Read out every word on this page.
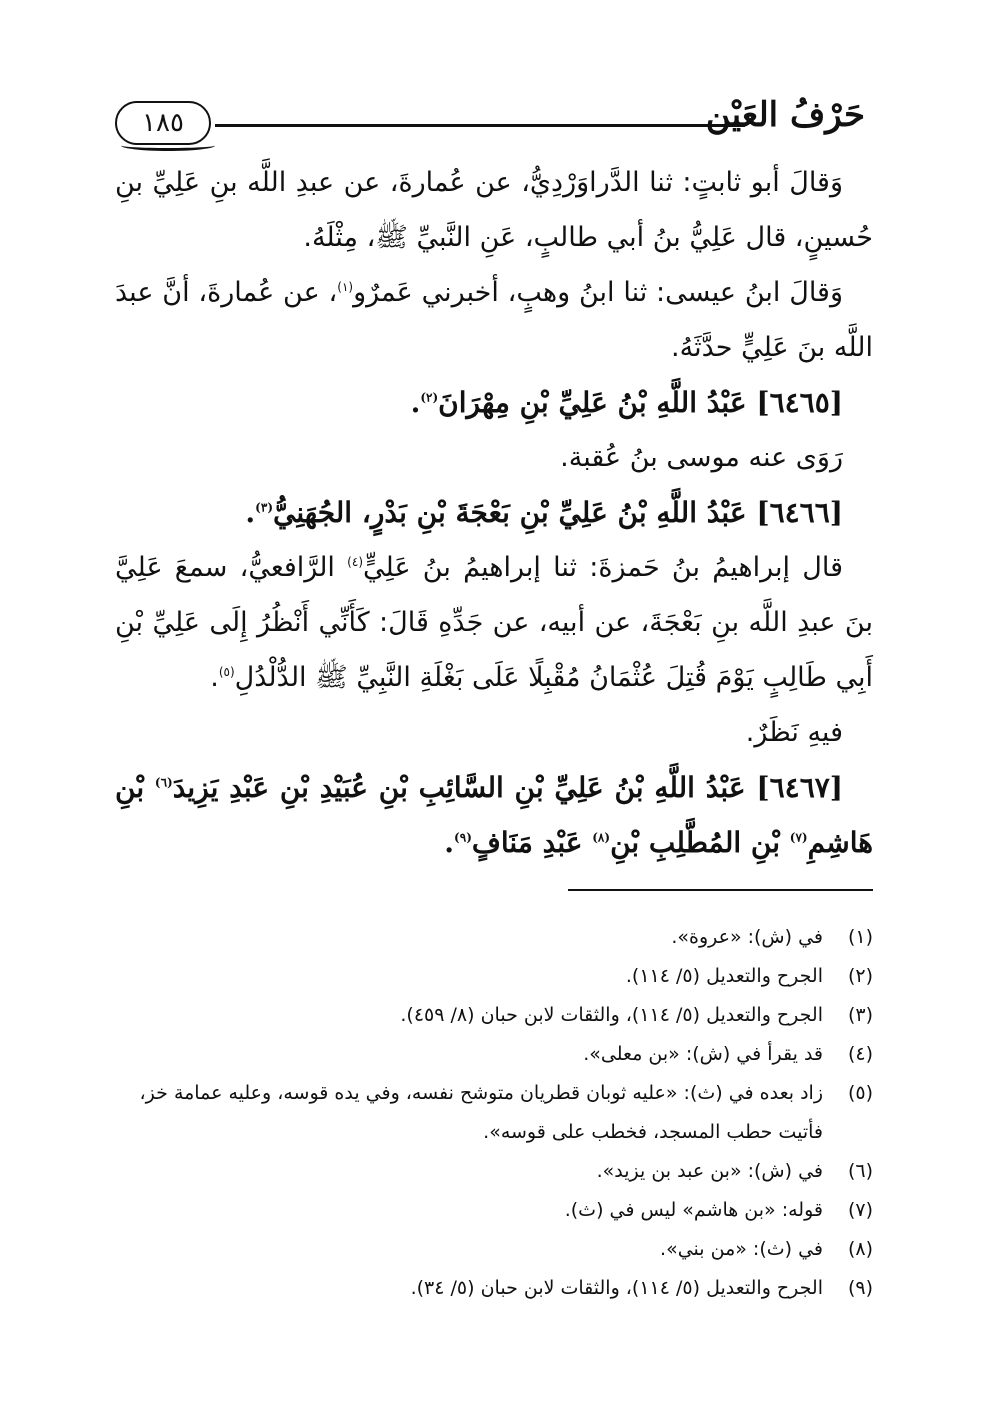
١٨٥	حَرْفُ العَيْن

وَقالَ أبو ثابتٍ: ثنا الدَّراوَرْدِيُّ، عن عُمارةَ، عن عبدِ اللَّه بنِ عَلِيِّ بنِ حُسينٍ، قال عَلِيُّ بنُ أبي طالبٍ، عَنِ النَّبيِّ ﷺ، مِثْلَهُ.

وَقالَ ابنُ عيسى: ثنا ابنُ وهبٍ، أخبرني عَمرٌو$^{(١)}$، عن عُمارةَ، أنَّ عبدَ اللَّه بنَ عَلِيٍّ حدَّثَهُ.

[٦٤٦٥] عَبْدُ اللَّهِ بْنُ عَلِيِّ بْنِ مِهْرَانَ$^{(٢)}$.

رَوَى عنه موسى بنُ عُقبة.

[٦٤٦٦] عَبْدُ اللَّهِ بْنُ عَلِيِّ بْنِ بَعْجَةَ بْنِ بَدْرٍ، الجُهَنِيُّ$^{(٣)}$.

قال إبراهيمُ بنُ حَمزةَ: ثنا إبراهيمُ بنُ عَلِيٍّ$^{(٤)}$ الرَّافعيُّ، سمعَ عَلِيَّ بنَ عبدِ اللَّه بنِ بَعْجَةَ، عن أبيه، عن جَدِّهِ قَالَ: كَأَنِّي أَنْظُرُ إِلَى عَلِيِّ بْنِ أَبِي طَالِبٍ يَوْمَ قُتِلَ عُثْمَانُ مُقْبِلًا عَلَى بَغْلَةِ النَّبِيِّ ﷺ الدُّلْدُلِ$^{(٥)}$.

فيهِ نَظَرٌ.

[٦٤٦٧] عَبْدُ اللَّهِ بْنُ عَلِيِّ بْنِ السَّائِبِ بْنِ عُبَيْدِ بْنِ عَبْدِ يَزِيدَ$^{(٦)}$ بْنِ هَاشِمِ$^{(٧)}$ بْنِ المُطَّلِبِ بْنِ$^{(٨)}$ عَبْدِ مَنَافٍ$^{(٩)}$.

(١)
في (ش): «عروة».
(٢)
الجرح والتعديل (٥/ ١١٤).
(٣)
الجرح والتعديل (٥/ ١١٤)، والثقات لابن حبان (٨/ ٤٥٩).
(٤)
قد يقرأ في (ش): «بن معلى».
(٥)
زاد بعده في (ث): «عليه ثوبان قطريان متوشح نفسه، وفي يده قوسه، وعليه عمامة خز، فأتيت حطب المسجد، فخطب على قوسه».
(٦)
في (ش): «بن عبد بن يزيد».
(٧)
قوله: «بن هاشم» ليس في (ث).
(٨)
في (ث): «من بني».
(٩)
الجرح والتعديل (٥/ ١١٤)، والثقات لابن حبان (٥/ ٣٤).
